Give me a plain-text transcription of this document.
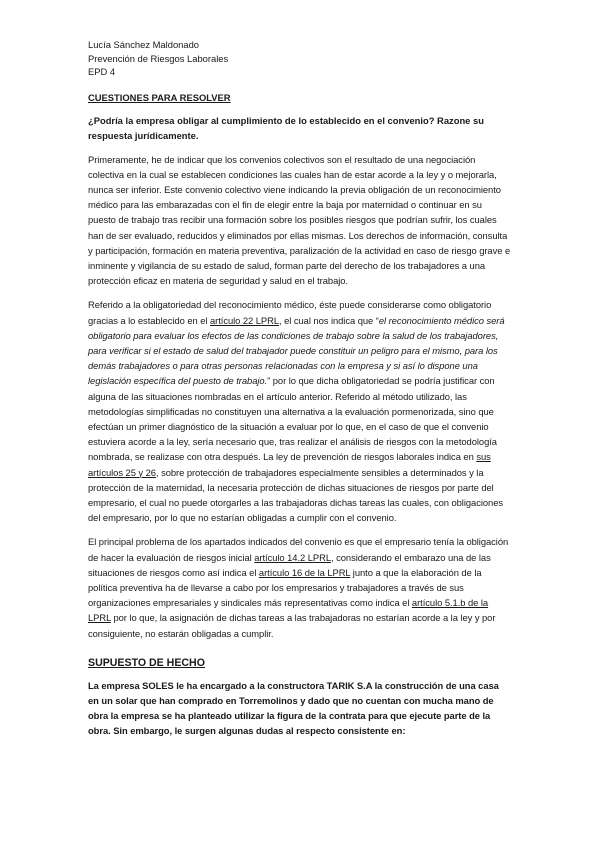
Lucía Sánchez Maldonado
Prevención de Riesgos Laborales
EPD 4
CUESTIONES PARA RESOLVER
¿Podría la empresa obligar al cumplimiento de lo establecido en el convenio? Razone su respuesta jurídicamente.

Primeramente, he de indicar que los convenios colectivos son el resultado de una negociación colectiva en la cual se establecen condiciones las cuales han de estar acorde a la ley y o mejorarla, nunca ser inferior. Este convenio colectivo viene indicando la previa obligación de un reconocimiento médico para las embarazadas con el fin de elegir entre la baja por maternidad o continuar en su puesto de trabajo tras recibir una formación sobre los posibles riesgos que podrían sufrir, los cuales han de ser evaluado, reducidos y eliminados por ellas mismas. Los derechos de información, consulta y participación, formación en materia preventiva, paralización de la actividad en caso de riesgo grave e inminente y vigilancia de su estado de salud, forman parte del derecho de los trabajadores a una protección eficaz en materia de seguridad y salud en el trabajo.

Referido a la obligatoriedad del reconocimiento médico, éste puede considerarse como obligatorio gracias a lo establecido en el artículo 22 LPRL, el cual nos indica que “el reconocimiento médico será obligatorio para evaluar los efectos de las condiciones de trabajo sobre la salud de los trabajadores, para verificar si el estado de salud del trabajador puede constituir un peligro para el mismo, para los demás trabajadores o para otras personas relacionadas con la empresa y si así lo dispone una legislación específica del puesto de trabajo.” por lo que dicha obligatoriedad se podría justificar con alguna de las situaciones nombradas en el artículo anterior. Referido al método utilizado, las metodologías simplificadas no constituyen una alternativa a la evaluación pormenorizada, sino que efectúan un primer diagnóstico de la situación a evaluar por lo que, en el caso de que el convenio estuviera acorde a la ley, sería necesario que, tras realizar el análisis de riesgos con la metodología nombrada, se realizase con otra después. La ley de prevención de riesgos laborales indica en sus artículos 25 y 26, sobre protección de trabajadores especialmente sensibles a determinados y la protección de la maternidad, la necesaria protección de dichas situaciones de riesgos por parte del empresario, el cual no puede otorgarles a las trabajadoras dichas tareas las cuales, con obligaciones del empresario, por lo que no estarían obligadas a cumplir con el convenio.

El principal problema de los apartados indicados del convenio es que el empresario tenía la obligación de hacer la evaluación de riesgos inicial artículo 14.2 LPRL, considerando el embarazo una de las situaciones de riesgos como así indica el artículo 16 de la LPRL junto a que la elaboración de la política preventiva ha de llevarse a cabo por los empresarios y trabajadores a través de sus organizaciones empresariales y sindicales más representativas como indica el artículo 5.1.b de la LPRL por lo que, la asignación de dichas tareas a las trabajadoras no estarían acorde a la ley y por consiguiente, no estarán obligadas a cumplir.

SUPUESTO DE HECHO

La empresa SOLES le ha encargado a la constructora TARIK S.A la construcción de una casa en un solar que han comprado en Torremolinos y dado que no cuentan con mucha mano de obra la empresa se ha planteado utilizar la figura de la contrata para que ejecute parte de la obra. Sin embargo, le surgen algunas dudas al respecto consistente en:
